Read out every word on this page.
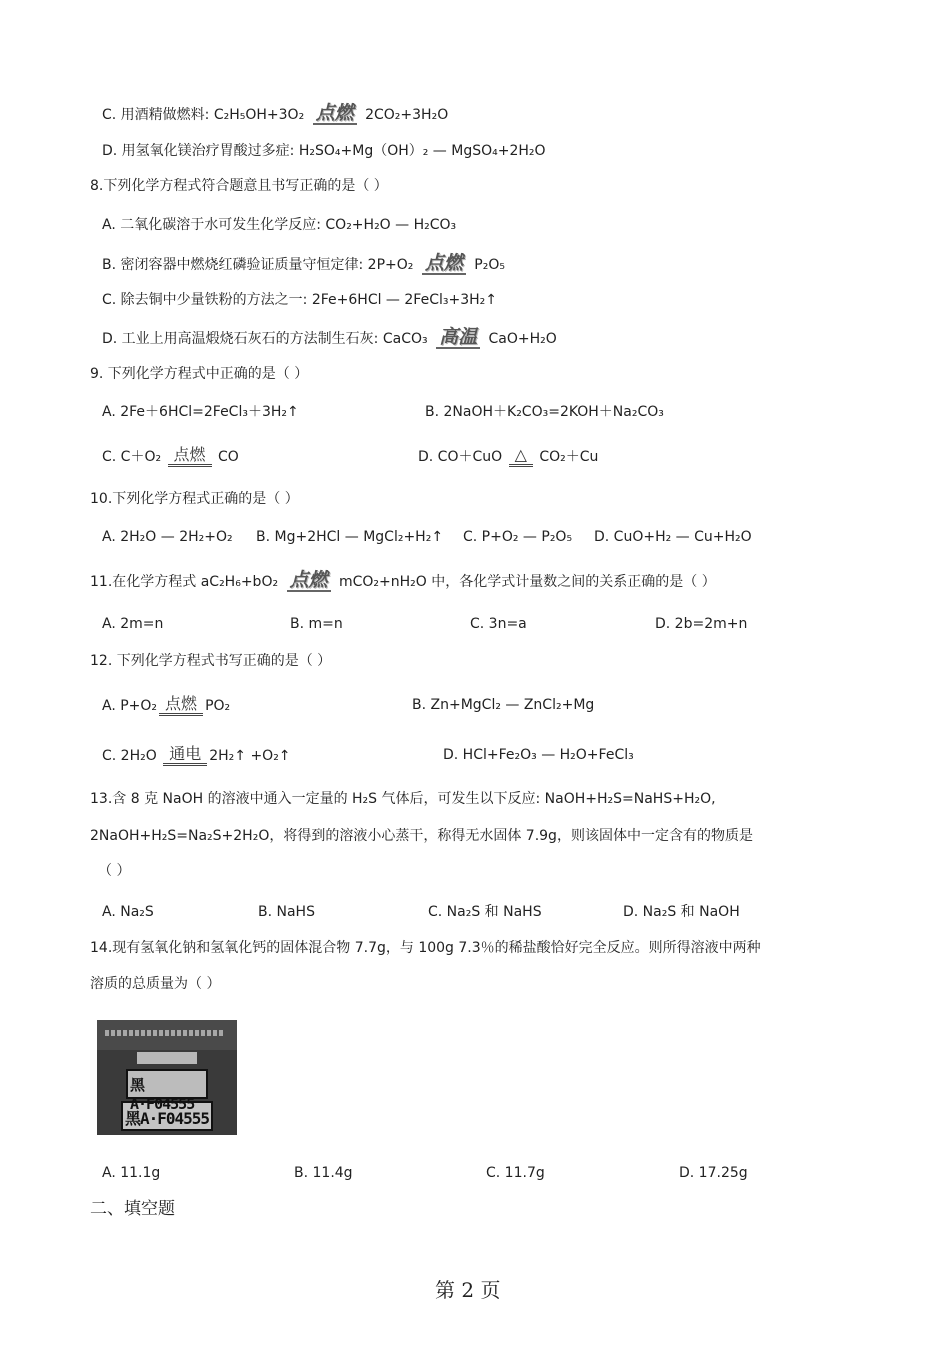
C. 用酒精做燃料: C₂H₅OH+3O₂ 点燃 2CO₂+3H₂O
D. 用氢氧化镁治疗胃酸过多症: H₂SO₄+Mg（OH）₂ — MgSO₄+2H₂O
8.下列化学方程式符合题意且书写正确的是（ ）
A. 二氧化碳溶于水可发生化学反应: CO₂+H₂O — H₂CO₃
B. 密闭容器中燃烧红磷验证质量守恒定律: 2P+O₂ 点燃 P₂O₅
C. 除去铜中少量铁粉的方法之一: 2Fe+6HCl — 2FeCl₃+3H₂↑
D. 工业上用高温煅烧石灰石的方法制生石灰: CaCO₃ 高温 CaO+H₂O
9. 下列化学方程式中正确的是（ ）
A. 2Fe＋6HCl=2FeCl₃＋3H₂↑	B. 2NaOH＋K₂CO₃=2KOH＋Na₂CO₃
C. C＋O₂ 点燃 CO	D. CO＋CuO △ CO₂＋Cu
10.下列化学方程式正确的是（ ）
A. 2H₂O — 2H₂+O₂ B. Mg+2HCl — MgCl₂+H₂↑ C. P+O₂ — P₂O₅ D. CuO+H₂ — Cu+H₂O
11.在化学方程式 aC₂H₆+bO₂ 点燃 mCO₂+nH₂O 中，各化学式计量数之间的关系正确的是（ ）
A. 2m=n	B. m=n	C. 3n=a	D. 2b=2m+n
12. 下列化学方程式书写正确的是（ ）
A. P+O₂ 点燃 PO₂	B. Zn+MgCl₂ — ZnCl₂+Mg
C. 2H₂O 通电 2H₂↑ +O₂↑	D. HCl+Fe₂O₃ — H₂O+FeCl₃
13.含 8 克 NaOH 的溶液中通入一定量的 H₂S 气体后，可发生以下反应: NaOH+H₂S=NaHS+H₂O,
2NaOH+H₂S=Na₂S+2H₂O，将得到的溶液小心蒸干，称得无水固体 7.9g，则该固体中一定含有的物质是
（ ）
A. Na₂S	B. NaHS	C. Na₂S 和 NaHS	D. Na₂S 和 NaOH
14.现有氢氧化钠和氢氧化钙的固体混合物 7.7g，与 100g 7.3％的稀盐酸恰好完全反应。则所得溶液中两种
溶质的总质量为（ ）
A. 11.1g	B. 11.4g	C. 11.7g	D. 17.25g
二、填空题
第 2 页
黑A·F04555
黑A·F04555
